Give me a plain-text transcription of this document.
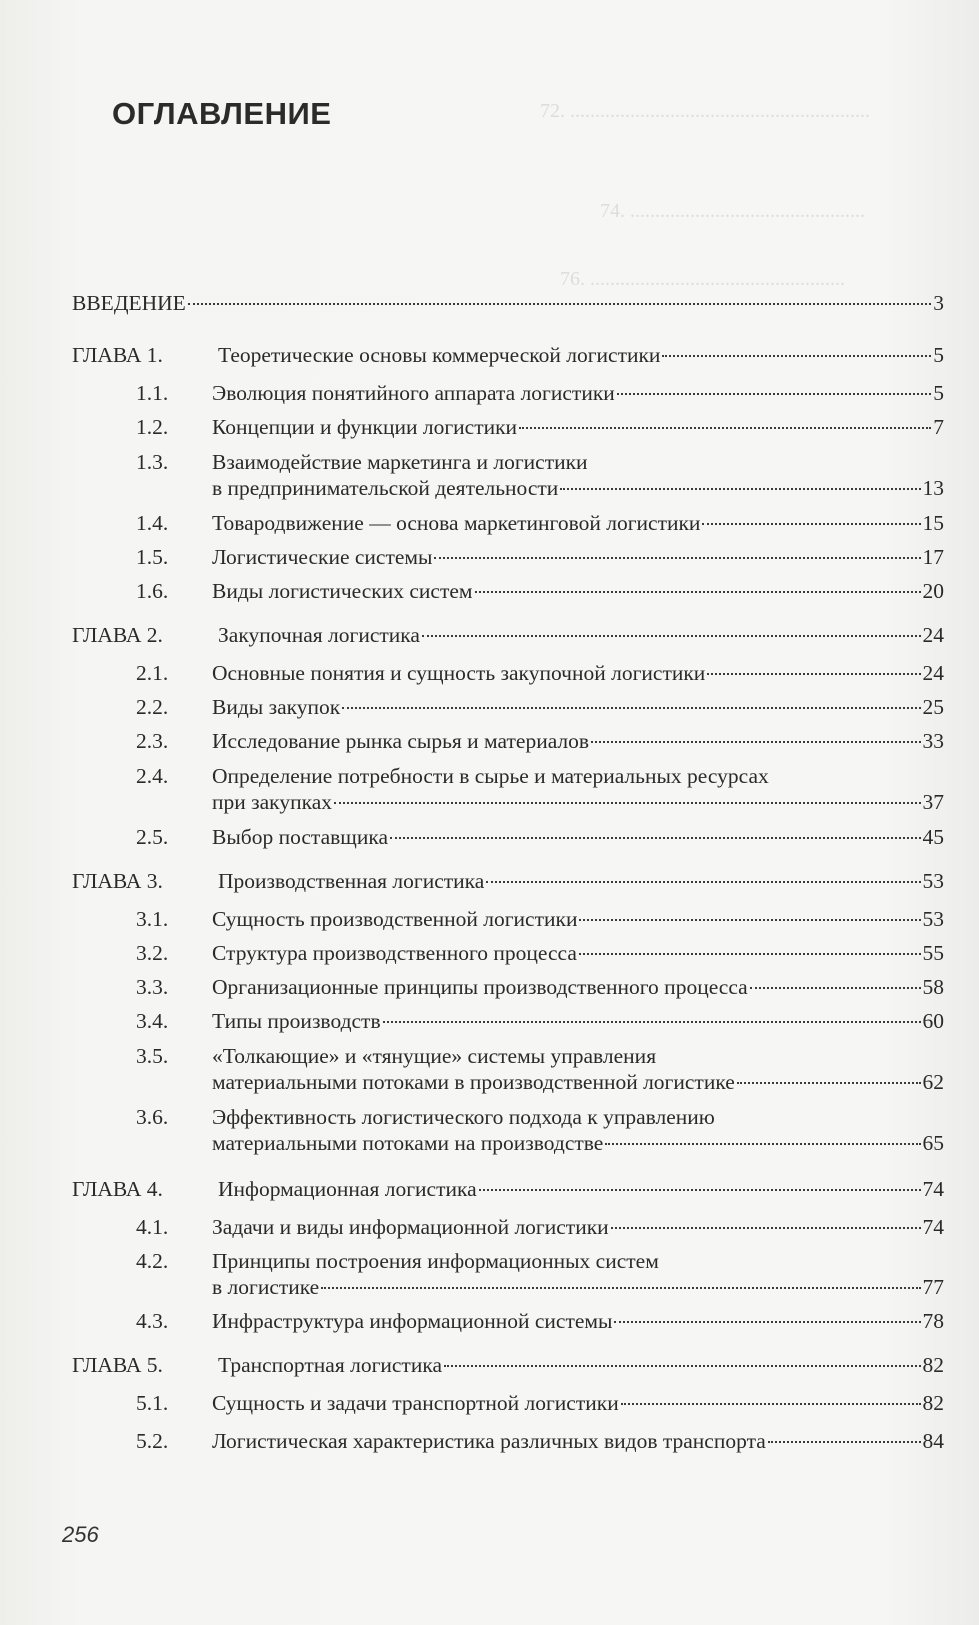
72. ............................................................
74. ...............................................
76. ...................................................
ОГЛАВЛЕНИЕ
ВВЕДЕНИЕ	3
ГЛАВА 1.	Теоретические основы коммерческой логистики	5
1.1. Эволюция понятийного аппарата логистики	5
1.2. Концепции и функции логистики	7
1.3. Взаимодействие маркетинга и логистики
в предпринимательской деятельности	13
1.4. Товародвижение — основа маркетинговой логистики	15
1.5. Логистические системы	17
1.6. Виды логистических систем	20
ГЛАВА 2.	Закупочная логистика	24
2.1. Основные понятия и сущность закупочной логистики	24
2.2. Виды закупок	25
2.3. Исследование рынка сырья и материалов	33
2.4. Определение потребности в сырье и материальных ресурсах
при закупках	37
2.5. Выбор поставщика	45
ГЛАВА 3.	Производственная логистика	53
3.1. Сущность производственной логистики	53
3.2. Структура производственного процесса	55
3.3. Организационные принципы производственного процесса	58
3.4. Типы производств	60
3.5. «Толкающие» и «тянущие» системы управления
материальными потоками в производственной логистике	62
3.6. Эффективность логистического подхода к управлению
материальными потоками на производстве	65
ГЛАВА 4.	Информационная логистика	74
4.1. Задачи и виды информационной логистики	74
4.2. Принципы построения информационных систем
в логистике	77
4.3. Инфраструктура информационной системы	78
ГЛАВА 5.	Транспортная логистика	82
5.1. Сущность и задачи транспортной логистики	82
5.2. Логистическая характеристика различных видов транспорта	84
256
